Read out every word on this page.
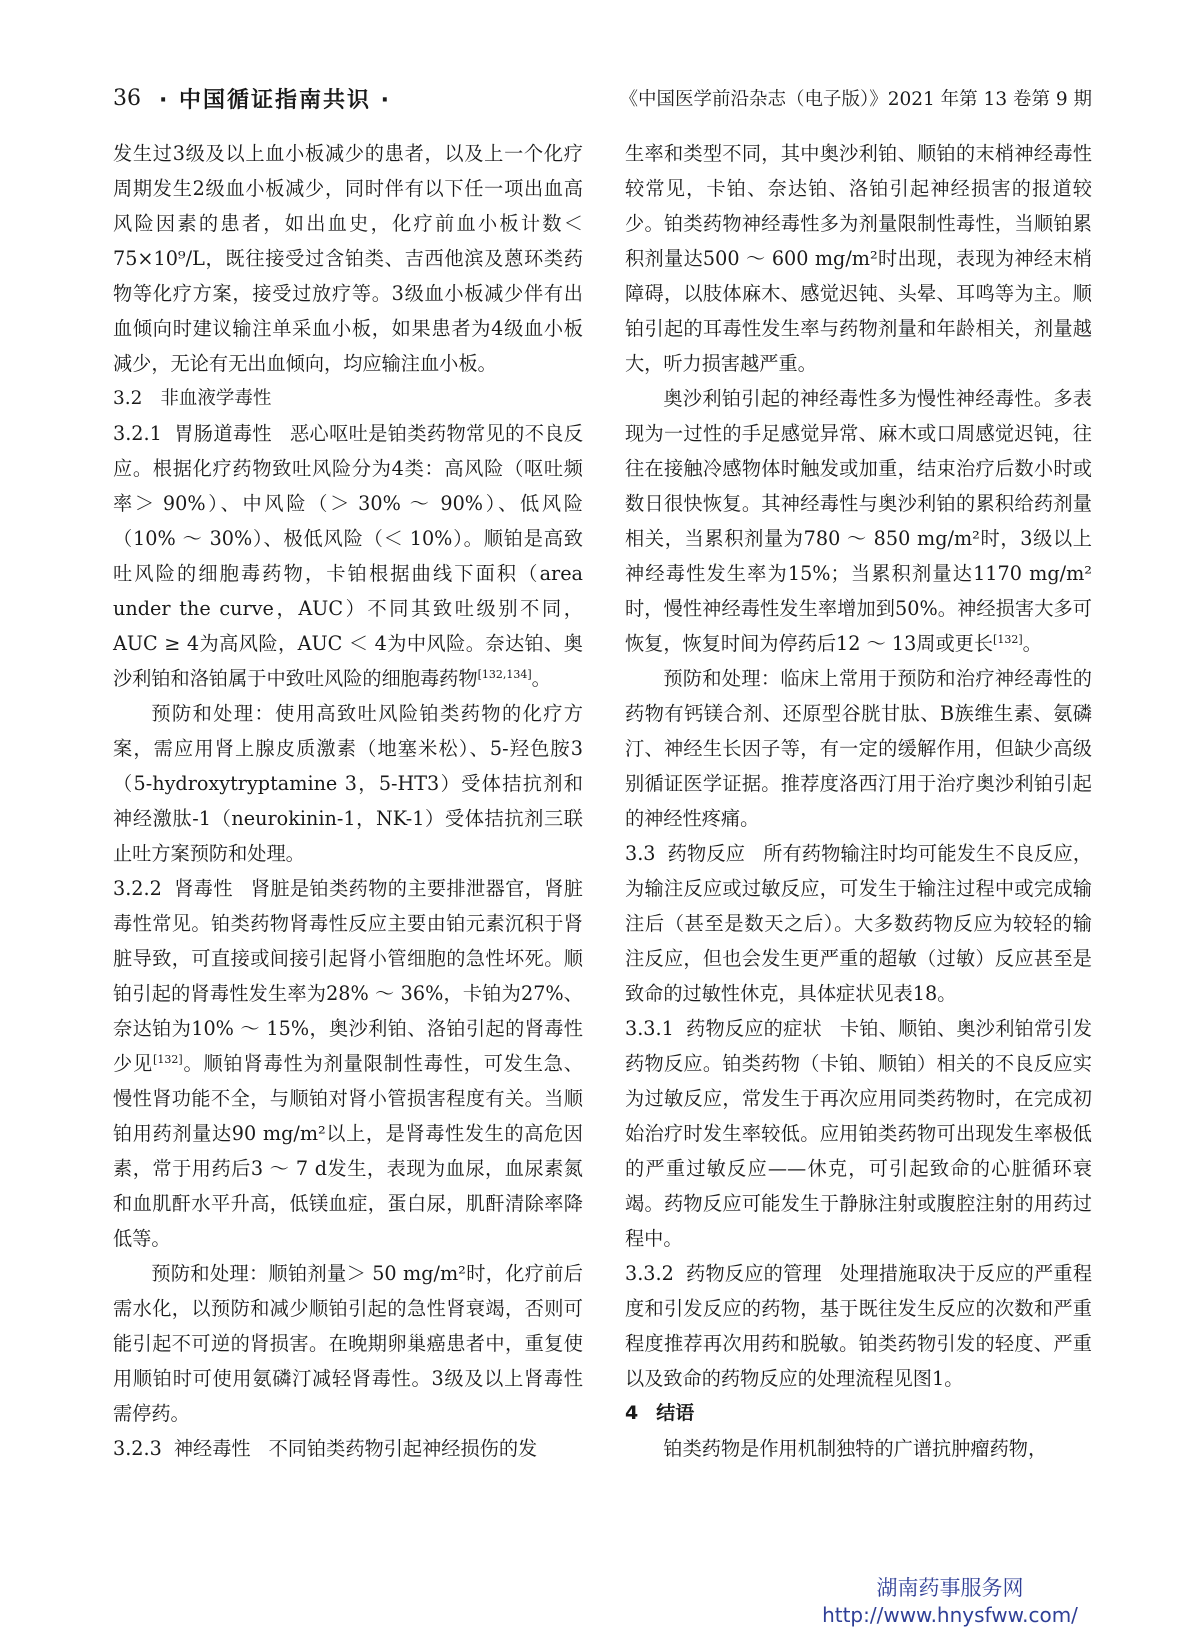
36 · 中国循证指南共识 ·	《中国医学前沿杂志（电子版）》2021 年第 13 卷第 9 期

发生过3级及以上血小板减少的患者，以及上一个化疗周期发生2级血小板减少，同时伴有以下任一项出血高风险因素的患者，如出血史，化疗前血小板计数＜ 75×10⁹/L，既往接受过含铂类、吉西他滨及蒽环类药物等化疗方案，接受过放疗等。3级血小板减少伴有出血倾向时建议输注单采血小板，如果患者为4级血小板减少，无论有无出血倾向，均应输注血小板。

3.2 非血液学毒性

3.2.1 胃肠道毒性 恶心呕吐是铂类药物常见的不良反应。根据化疗药物致吐风险分为4类：高风险（呕吐频率＞ 90%）、中风险（＞ 30% ～ 90%）、低风险（10% ～ 30%）、极低风险（＜ 10%）。顺铂是高致吐风险的细胞毒药物，卡铂根据曲线下面积（area under the curve，AUC）不同其致吐级别不同，AUC ≥ 4为高风险，AUC ＜ 4为中风险。奈达铂、奥沙利铂和洛铂属于中致吐风险的细胞毒药物[132,134]。

预防和处理：使用高致吐风险铂类药物的化疗方案，需应用肾上腺皮质激素（地塞米松）、5-羟色胺3（5-hydroxytryptamine 3，5-HT3）受体拮抗剂和神经激肽-1（neurokinin-1，NK-1）受体拮抗剂三联止吐方案预防和处理。

3.2.2 肾毒性 肾脏是铂类药物的主要排泄器官，肾脏毒性常见。铂类药物肾毒性反应主要由铂元素沉积于肾脏导致，可直接或间接引起肾小管细胞的急性坏死。顺铂引起的肾毒性发生率为28% ～ 36%，卡铂为27%、奈达铂为10% ～ 15%，奥沙利铂、洛铂引起的肾毒性少见[132]。顺铂肾毒性为剂量限制性毒性，可发生急、慢性肾功能不全，与顺铂对肾小管损害程度有关。当顺铂用药剂量达90 mg/m²以上，是肾毒性发生的高危因素，常于用药后3 ～ 7 d发生，表现为血尿，血尿素氮和血肌酐水平升高，低镁血症，蛋白尿，肌酐清除率降低等。

预防和处理：顺铂剂量＞ 50 mg/m²时，化疗前后需水化，以预防和减少顺铂引起的急性肾衰竭，否则可能引起不可逆的肾损害。在晚期卵巢癌患者中，重复使用顺铂时可使用氨磷汀减轻肾毒性。3级及以上肾毒性需停药。

3.2.3 神经毒性 不同铂类药物引起神经损伤的发

生率和类型不同，其中奥沙利铂、顺铂的末梢神经毒性较常见，卡铂、奈达铂、洛铂引起神经损害的报道较少。铂类药物神经毒性多为剂量限制性毒性，当顺铂累积剂量达500 ～ 600 mg/m²时出现，表现为神经末梢障碍，以肢体麻木、感觉迟钝、头晕、耳鸣等为主。顺铂引起的耳毒性发生率与药物剂量和年龄相关，剂量越大，听力损害越严重。

奥沙利铂引起的神经毒性多为慢性神经毒性。多表现为一过性的手足感觉异常、麻木或口周感觉迟钝，往往在接触冷感物体时触发或加重，结束治疗后数小时或数日很快恢复。其神经毒性与奥沙利铂的累积给药剂量相关，当累积剂量为780 ～ 850 mg/m²时，3级以上神经毒性发生率为15%；当累积剂量达1170 mg/m²时，慢性神经毒性发生率增加到50%。神经损害大多可恢复，恢复时间为停药后12 ～ 13周或更长[132]。

预防和处理：临床上常用于预防和治疗神经毒性的药物有钙镁合剂、还原型谷胱甘肽、B族维生素、氨磷汀、神经生长因子等，有一定的缓解作用，但缺少高级别循证医学证据。推荐度洛西汀用于治疗奥沙利铂引起的神经性疼痛。

3.3 药物反应 所有药物输注时均可能发生不良反应，为输注反应或过敏反应，可发生于输注过程中或完成输注后（甚至是数天之后）。大多数药物反应为较轻的输注反应，但也会发生更严重的超敏（过敏）反应甚至是致命的过敏性休克，具体症状见表18。

3.3.1 药物反应的症状 卡铂、顺铂、奥沙利铂常引发药物反应。铂类药物（卡铂、顺铂）相关的不良反应实为过敏反应，常发生于再次应用同类药物时，在完成初始治疗时发生率较低。应用铂类药物可出现发生率极低的严重过敏反应——休克，可引起致命的心脏循环衰竭。药物反应可能发生于静脉注射或腹腔注射的用药过程中。

3.3.2 药物反应的管理 处理措施取决于反应的严重程度和引发反应的药物，基于既往发生反应的次数和严重程度推荐再次用药和脱敏。铂类药物引发的轻度、严重以及致命的药物反应的处理流程见图1。

4 结语

铂类药物是作用机制独特的广谱抗肿瘤药物，

湖南药事服务网
http://www.hnysfww.com/
